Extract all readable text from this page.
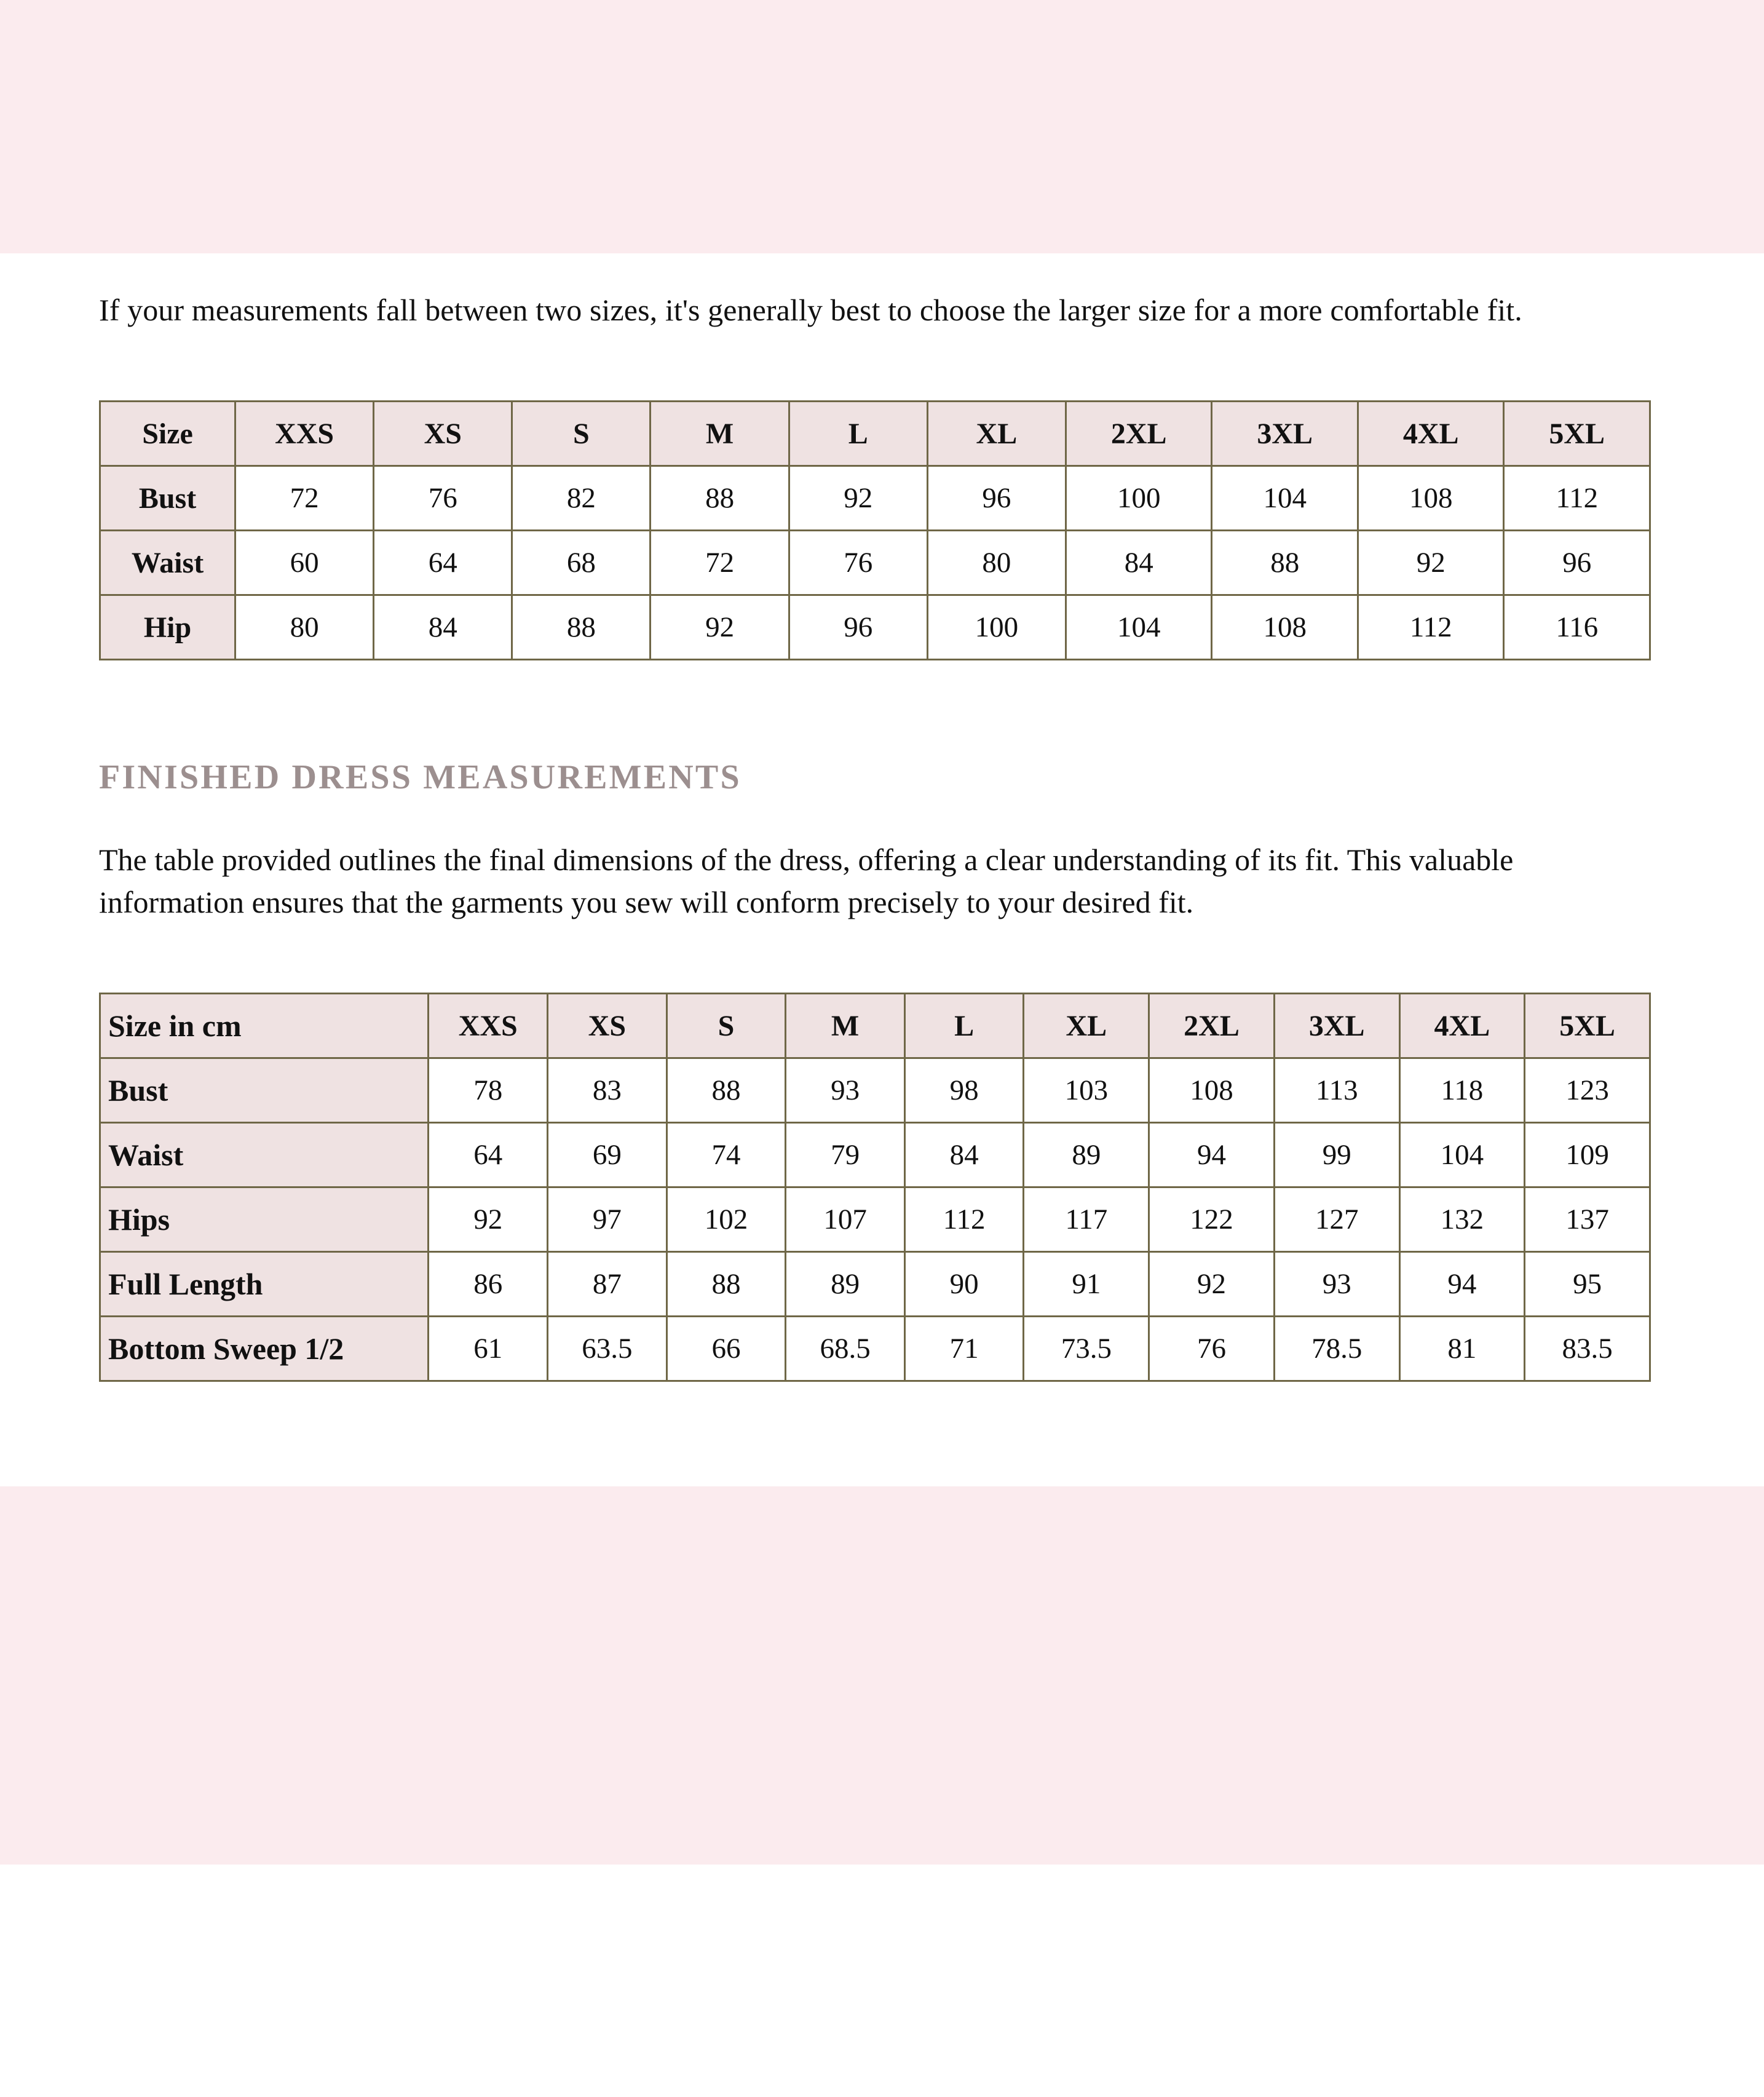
If your measurements fall between two sizes, it's generally best to choose the larger size for a more comfortable fit.

Size	XXS	XS	S	M	L	XL	2XL	3XL	4XL	5XL
Bust	72	76	82	88	92	96	100	104	108	112
Waist	60	64	68	72	76	80	84	88	92	96
Hip	80	84	88	92	96	100	104	108	112	116
FINISHED DRESS MEASUREMENTS

The table provided outlines the final dimensions of the dress, offering a clear understanding of its fit. This valuable information ensures that the garments you sew will conform precisely to your desired fit.

Size in cm	XXS	XS	S	M	L	XL	2XL	3XL	4XL	5XL
Bust	78	83	88	93	98	103	108	113	118	123
Waist	64	69	74	79	84	89	94	99	104	109
Hips	92	97	102	107	112	117	122	127	132	137
Full Length	86	87	88	89	90	91	92	93	94	95
Bottom Sweep 1/2	61	63.5	66	68.5	71	73.5	76	78.5	81	83.5
